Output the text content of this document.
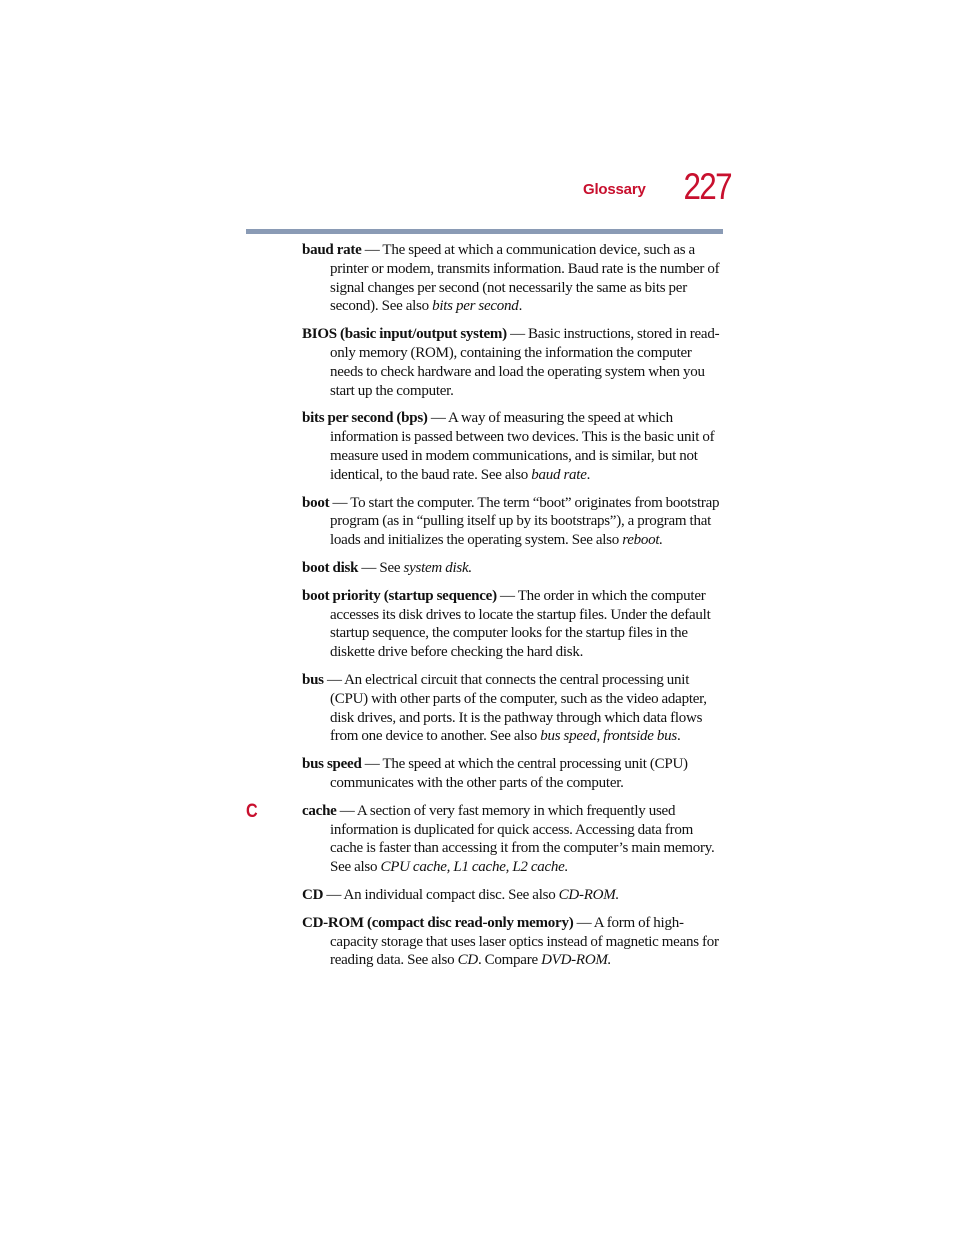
Glossary 227
C

baud rate — The speed at which a communication device, such as a printer or modem, transmits information. Baud rate is the number of signal changes per second (not necessarily the same as bits per second). See also bits per second.

BIOS (basic input/output system) — Basic instructions, stored in read-only memory (ROM), containing the information the computer needs to check hardware and load the operating system when you start up the computer.

bits per second (bps) — A way of measuring the speed at which information is passed between two devices. This is the basic unit of measure used in modem communications, and is similar, but not identical, to the baud rate. See also baud rate.

boot — To start the computer. The term “boot” originates from bootstrap program (as in “pulling itself up by its bootstraps”), a program that loads and initializes the operating system. See also reboot.

boot disk — See system disk.

boot priority (startup sequence) — The order in which the computer accesses its disk drives to locate the startup files. Under the default startup sequence, the computer looks for the startup files in the diskette drive before checking the hard disk.

bus — An electrical circuit that connects the central processing unit (CPU) with other parts of the computer, such as the video adapter, disk drives, and ports. It is the pathway through which data flows from one device to another. See also bus speed, frontside bus.

bus speed — The speed at which the central processing unit (CPU) communicates with the other parts of the computer.

cache — A section of very fast memory in which frequently used information is duplicated for quick access. Accessing data from cache is faster than accessing it from the computer’s main memory. See also CPU cache, L1 cache, L2 cache.

CD — An individual compact disc. See also CD-ROM.

CD-ROM (compact disc read-only memory) — A form of high-capacity storage that uses laser optics instead of magnetic means for reading data. See also CD. Compare DVD-ROM.
